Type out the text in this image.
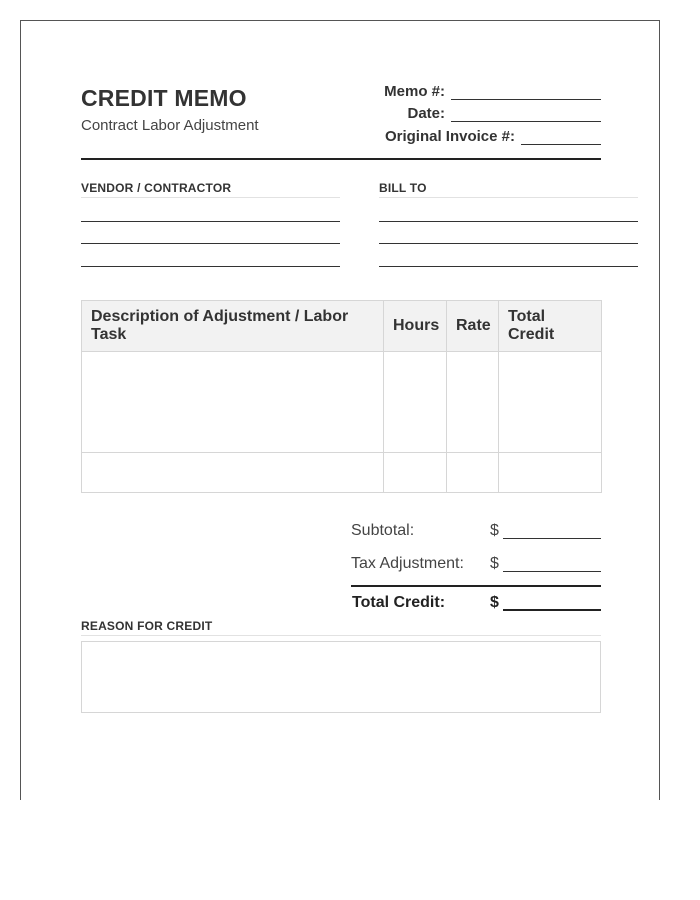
CREDIT MEMO
Contract Labor Adjustment
Memo #:
Date:
Original Invoice #:
VENDOR / CONTRACTOR	BILL TO
Description of Adjustment / Labor Task	Hours	Rate	Total Credit

Subtotal:	$
Tax Adjustment: $
Total Credit:	$
REASON FOR CREDIT
